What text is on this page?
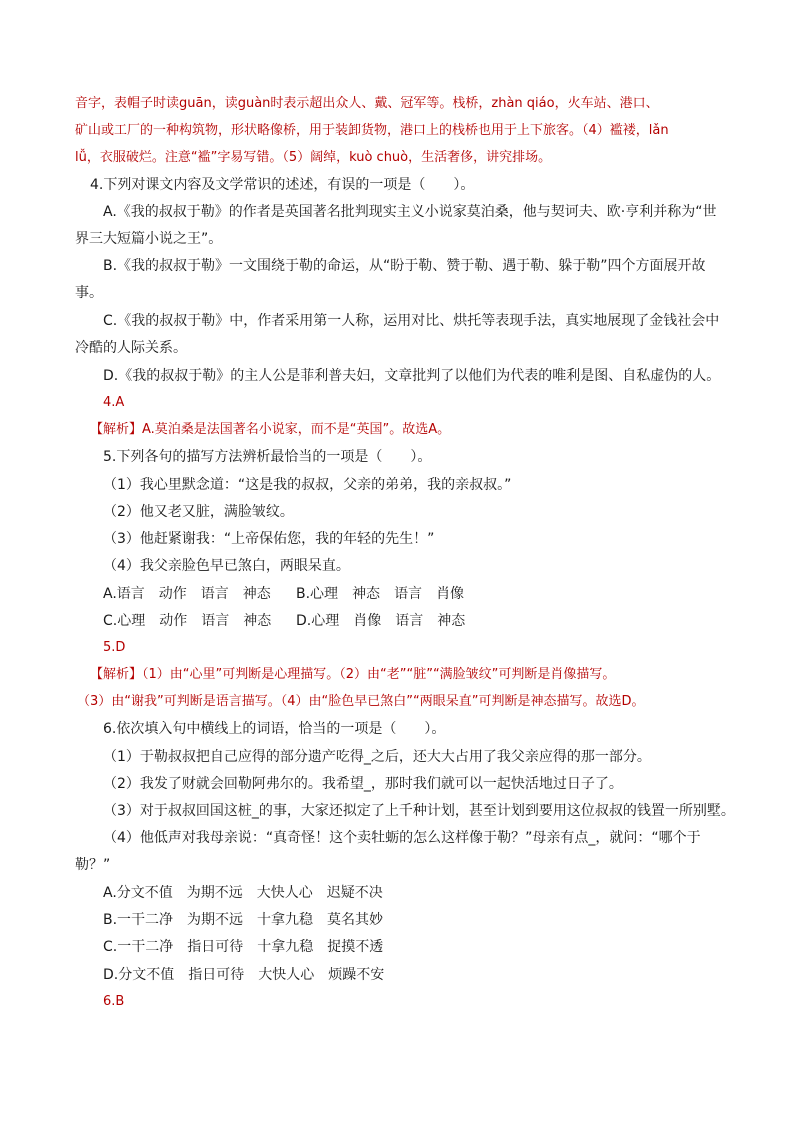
音字，表帽子时读guān，读guàn时表示超出众人、戴、冠军等。栈桥，zhàn qiáo，火车站、港口、
矿山或工厂的一种构筑物，形状略像桥，用于装卸货物，港口上的栈桥也用于上下旅客。（4）褴褛，lǎn
lǚ，衣服破烂。注意“褴”字易写错。（5）阔绰，kuò chuò，生活奢侈，讲究排场。
4.下列对课文内容及文学常识的述述，有误的一项是（　　）。
A.《我的叔叔于勒》的作者是英国著名批判现实主义小说家莫泊桑，他与契诃夫、欧·亨利并称为“世
界三大短篇小说之王”。
B.《我的叔叔于勒》一文围绕于勒的命运，从“盼于勒、赞于勒、遇于勒、躲于勒”四个方面展开故
事。
C.《我的叔叔于勒》中，作者采用第一人称，运用对比、烘托等表现手法，真实地展现了金钱社会中
冷酷的人际关系。
D.《我的叔叔于勒》的主人公是菲利普夫妇，文章批判了以他们为代表的唯利是图、自私虚伪的人。
4.A
【解析】A.莫泊桑是法国著名小说家，而不是“英国”。故选A。
5.下列各句的描写方法辨析最恰当的一项是（　　）。
（1）我心里默念道：“这是我的叔叔，父亲的弟弟，我的亲叔叔。”
（2）他又老又脏，满脸皱纹。
（3）他赶紧谢我：“上帝保佑您，我的年轻的先生！”
（4）我父亲脸色早已煞白，两眼呆直。
A.语言 动作 语言 神态 B.心理 神态 语言 肖像
C.心理 动作 语言 神态 D.心理 肖像 语言 神态
5.D
【解析】（1）由“心里”可判断是心理描写。（2）由“老”“脏”“满脸皱纹”可判断是肖像描写。
（3）由“谢我”可判断是语言描写。（4）由“脸色早已煞白”“两眼呆直”可判断是神态描写。故选D。
6.依次填入句中横线上的词语，恰当的一项是（　　）。
（1）于勒叔叔把自己应得的部分遗产吃得_之后，还大大占用了我父亲应得的那一部分。
（2）我发了财就会回勒阿弗尔的。我希望_，那时我们就可以一起快活地过日子了。
（3）对于叔叔回国这桩_的事，大家还拟定了上千种计划，甚至计划到要用这位叔叔的钱置一所别墅。
（4）他低声对我母亲说：“真奇怪！这个卖牡蛎的怎么这样像于勒？”母亲有点_，就问：“哪个于
勒？”
A.分文不值　为期不远　大快人心　迟疑不决
B.一干二净　为期不远　十拿九稳　莫名其妙
C.一干二净　指日可待　十拿九稳　捉摸不透
D.分文不值　指日可待　大快人心　烦躁不安
6.B
